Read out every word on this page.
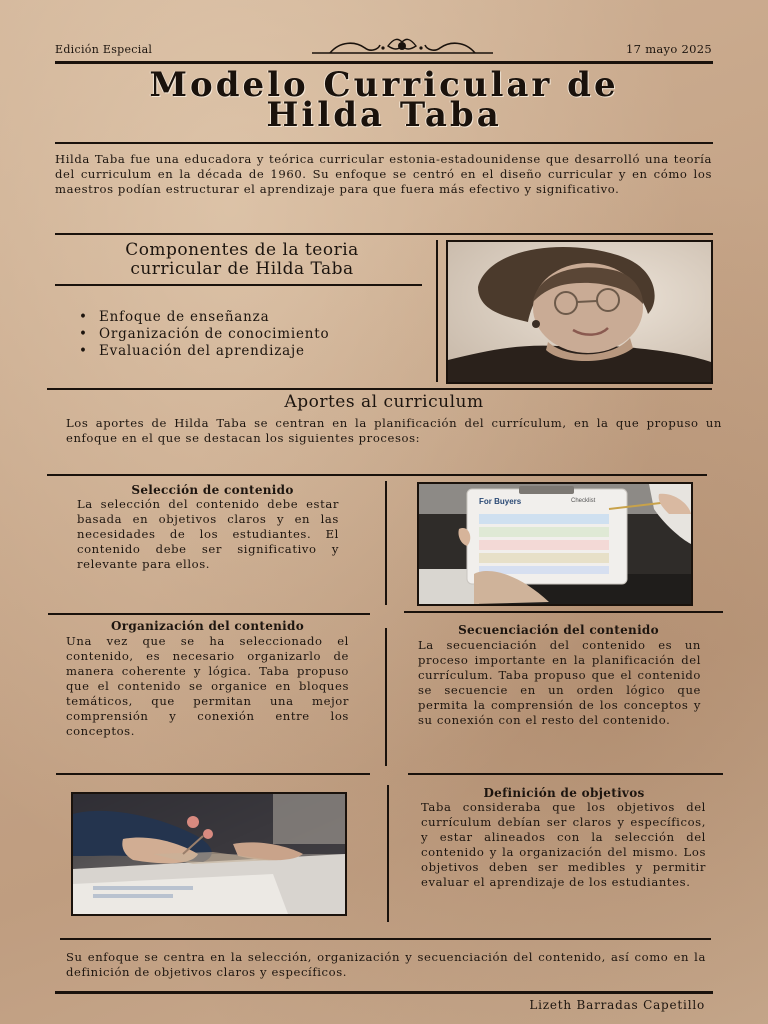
Edición Especial	17 mayo 2025
Modelo Curricular de
Hilda Taba
Hilda Taba fue una educadora y teórica curricular estonia-estadounidense que desarrolló una teoría del curriculum en la década de 1960. Su enfoque se centró en el diseño curricular y en cómo los maestros podían estructurar el aprendizaje para que fuera más efectivo y significativo.
Componentes de la teoria
curricular de Hilda Taba
• Enfoque de enseñanza
• Organización de conocimiento
• Evaluación del aprendizaje
Aportes al curriculum
Los aportes de Hilda Taba se centran en la planificación del currículum, en la que propuso un enfoque en el que se destacan los siguientes procesos:
Selección de contenido
La selección del contenido debe estar basada en objetivos claros y en las necesidades de los estudiantes. El contenido debe ser significativo y relevante para ellos.
For Buyers	Checklist
Organización del contenido
Una vez que se ha seleccionado el contenido, es necesario organizarlo de manera coherente y lógica. Taba propuso que el contenido se organice en bloques temáticos, que permitan una mejor comprensión y conexión entre los conceptos.
Secuenciación del contenido
La secuenciación del contenido es un proceso importante en la planificación del currículum. Taba propuso que el contenido se secuencie en un orden lógico que permita la comprensión de los conceptos y su conexión con el resto del contenido.
Definición de objetivos
Taba consideraba que los objetivos del currículum debían ser claros y específicos, y estar alineados con la selección del contenido y la organización del mismo. Los objetivos deben ser medibles y permitir evaluar el aprendizaje de los estudiantes.
Su enfoque se centra en la selección, organización y secuenciación del contenido, así como en la definición de objetivos claros y específicos.
Lizeth Barradas Capetillo
